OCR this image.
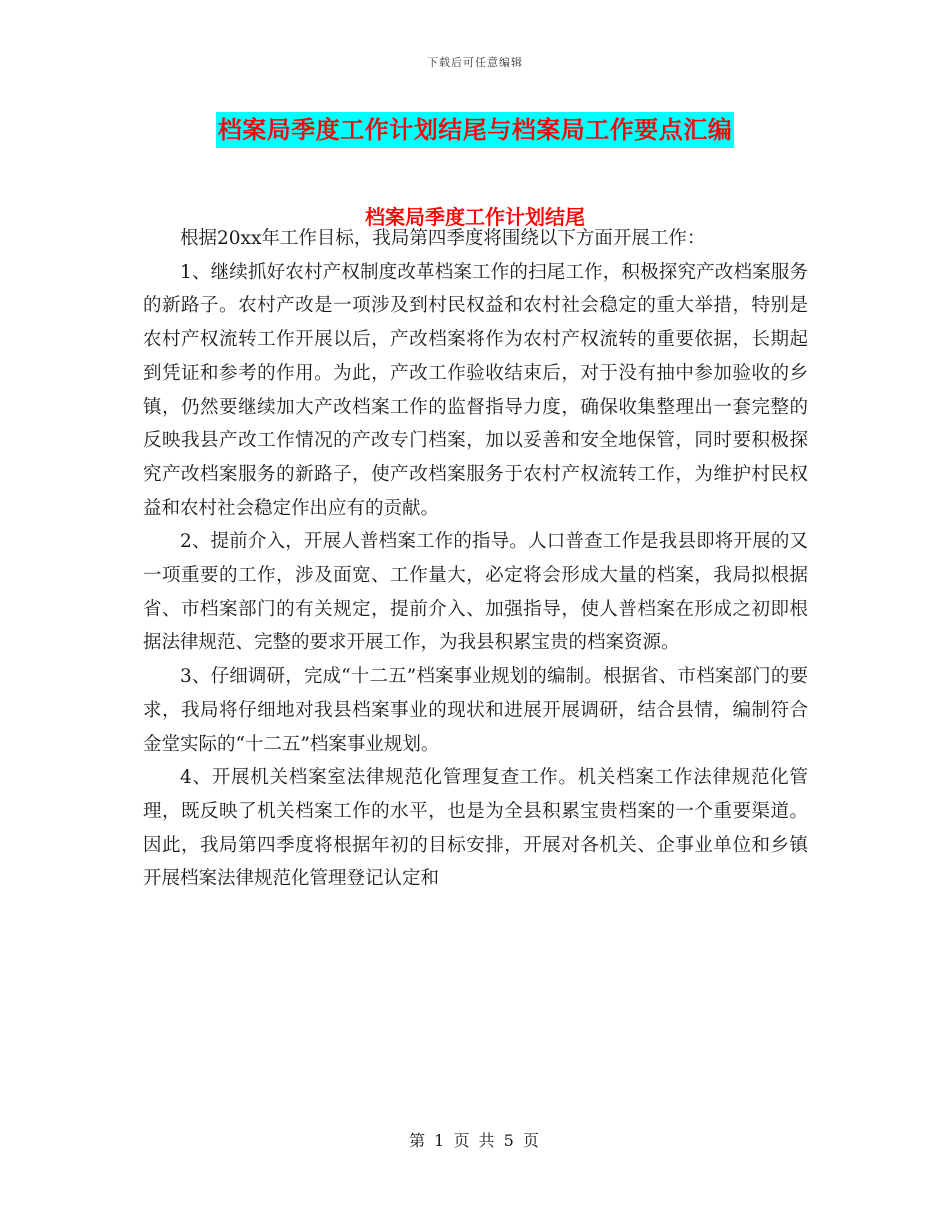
下载后可任意编辑
档案局季度工作计划结尾与档案局工作要点汇编
档案局季度工作计划结尾

根据20xx年工作目标，我局第四季度将围绕以下方面开展工作：

1、继续抓好农村产权制度改革档案工作的扫尾工作，积极探究产改档案服务的新路子。农村产改是一项涉及到村民权益和农村社会稳定的重大举措，特别是农村产权流转工作开展以后，产改档案将作为农村产权流转的重要依据，长期起到凭证和参考的作用。为此，产改工作验收结束后，对于没有抽中参加验收的乡镇，仍然要继续加大产改档案工作的监督指导力度，确保收集整理出一套完整的反映我县产改工作情况的产改专门档案，加以妥善和安全地保管，同时要积极探究产改档案服务的新路子，使产改档案服务于农村产权流转工作，为维护村民权益和农村社会稳定作出应有的贡献。

2、提前介入，开展人普档案工作的指导。人口普查工作是我县即将开展的又一项重要的工作，涉及面宽、工作量大，必定将会形成大量的档案，我局拟根据省、市档案部门的有关规定，提前介入、加强指导，使人普档案在形成之初即根据法律规范、完整的要求开展工作，为我县积累宝贵的档案资源。

3、仔细调研，完成“十二五”档案事业规划的编制。根据省、市档案部门的要求，我局将仔细地对我县档案事业的现状和进展开展调研，结合县情，编制符合金堂实际的“十二五”档案事业规划。

4、开展机关档案室法律规范化管理复查工作。机关档案工作法律规范化管理，既反映了机关档案工作的水平，也是为全县积累宝贵档案的一个重要渠道。因此，我局第四季度将根据年初的目标安排，开展对各机关、企事业单位和乡镇开展档案法律规范化管理登记认定和

第 1 页 共 5 页
